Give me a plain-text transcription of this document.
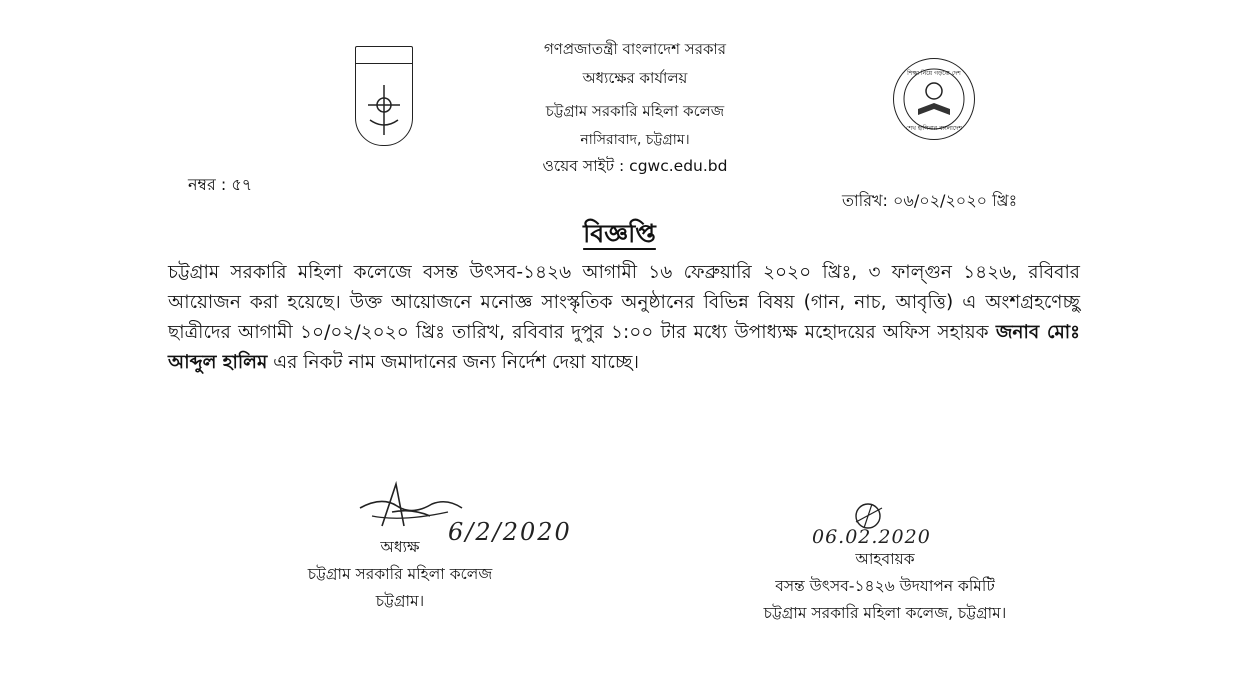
গণপ্রজাতন্ত্রী বাংলাদেশ সরকার
অধ্যক্ষের কার্যালয়
চট্টগ্রাম সরকারি মহিলা কলেজ
নাসিরাবাদ, চট্টগ্রাম।
ওয়েব সাইট : cgwc.edu.bd
শিক্ষা নিয়ে গড়বো দেশ
শেখ হাসিনার বাংলাদেশ
নম্বর : ৫৭
তারিখ: ০৬/০২/২০২০ খ্রিঃ
বিজ্ঞপ্তি
চট্টগ্রাম সরকারি মহিলা কলেজে বসন্ত উৎসব-১৪২৬ আগামী ১৬ ফেব্রুয়ারি ২০২০ খ্রিঃ, ৩ ফাল্গুন ১৪২৬, রবিবার আয়োজন করা হয়েছে। উক্ত আয়োজনে মনোজ্ঞ সাংস্কৃতিক অনুষ্ঠানের বিভিন্ন বিষয় (গান, নাচ, আবৃত্তি) এ অংশগ্রহণেচ্ছু ছাত্রীদের আগামী ১০/০২/২০২০ খ্রিঃ তারিখ, রবিবার দুপুর ১:০০ টার মধ্যে উপাধ্যক্ষ মহোদয়ের অফিস সহায়ক জনাব মোঃ আব্দুল হালিম এর নিকট নাম জমাদানের জন্য নির্দেশ দেয়া যাচ্ছে।
6/2/2020
অধ্যক্ষ
চট্টগ্রাম সরকারি মহিলা কলেজ
চট্টগ্রাম।
06.02.2020
আহবায়ক
বসন্ত উৎসব-১৪২৬ উদযাপন কমিটি
চট্টগ্রাম সরকারি মহিলা কলেজ, চট্টগ্রাম।
